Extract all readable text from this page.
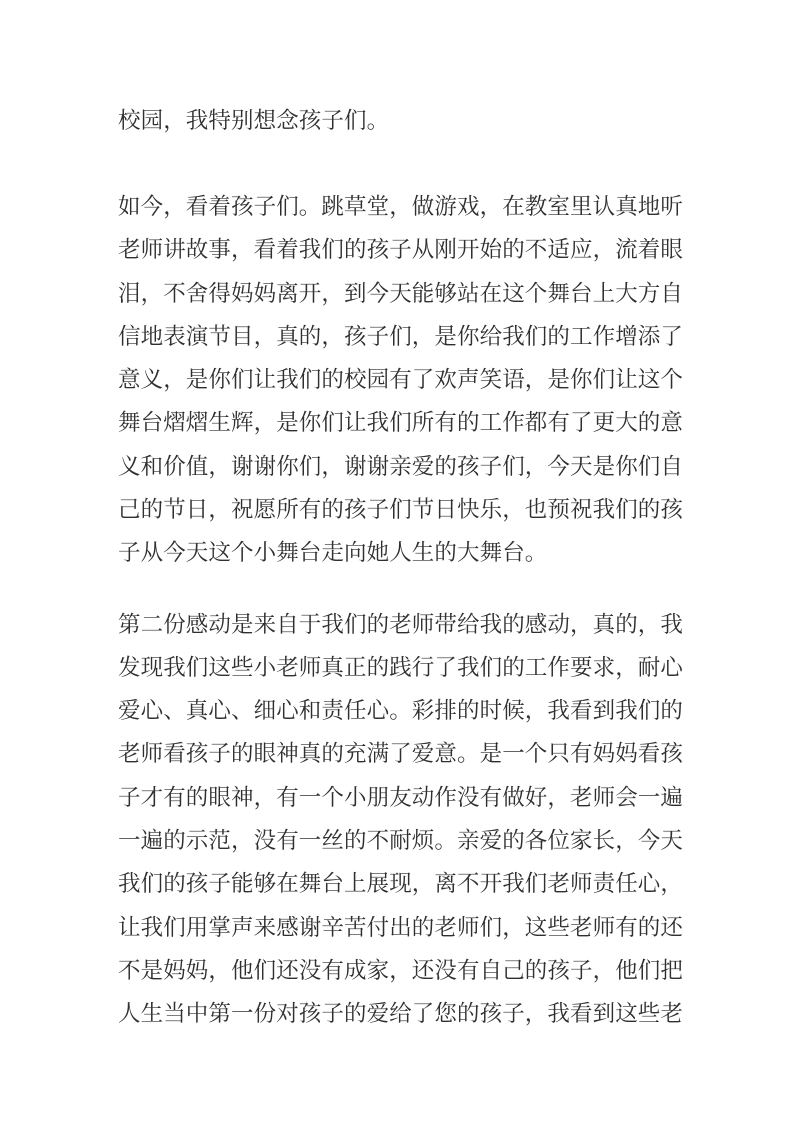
校园，我特别想念孩子们。

如今，看着孩子们。跳草堂，做游戏，在教室里认真地听
老师讲故事，看着我们的孩子从刚开始的不适应，流着眼
泪，不舍得妈妈离开，到今天能够站在这个舞台上大方自
信地表演节目，真的，孩子们，是你给我们的工作增添了
意义，是你们让我们的校园有了欢声笑语，是你们让这个
舞台熠熠生辉，是你们让我们所有的工作都有了更大的意
义和价值，谢谢你们，谢谢亲爱的孩子们，今天是你们自
己的节日，祝愿所有的孩子们节日快乐，也预祝我们的孩
子从今天这个小舞台走向她人生的大舞台。

第二份感动是来自于我们的老师带给我的感动，真的，我
发现我们这些小老师真正的践行了我们的工作要求，耐心
爱心、真心、细心和责任心。彩排的时候，我看到我们的
老师看孩子的眼神真的充满了爱意。是一个只有妈妈看孩
子才有的眼神，有一个小朋友动作没有做好，老师会一遍
一遍的示范，没有一丝的不耐烦。亲爱的各位家长，今天
我们的孩子能够在舞台上展现，离不开我们老师责任心，
让我们用掌声来感谢辛苦付出的老师们，这些老师有的还
不是妈妈，他们还没有成家，还没有自己的孩子，他们把
人生当中第一份对孩子的爱给了您的孩子，我看到这些老
